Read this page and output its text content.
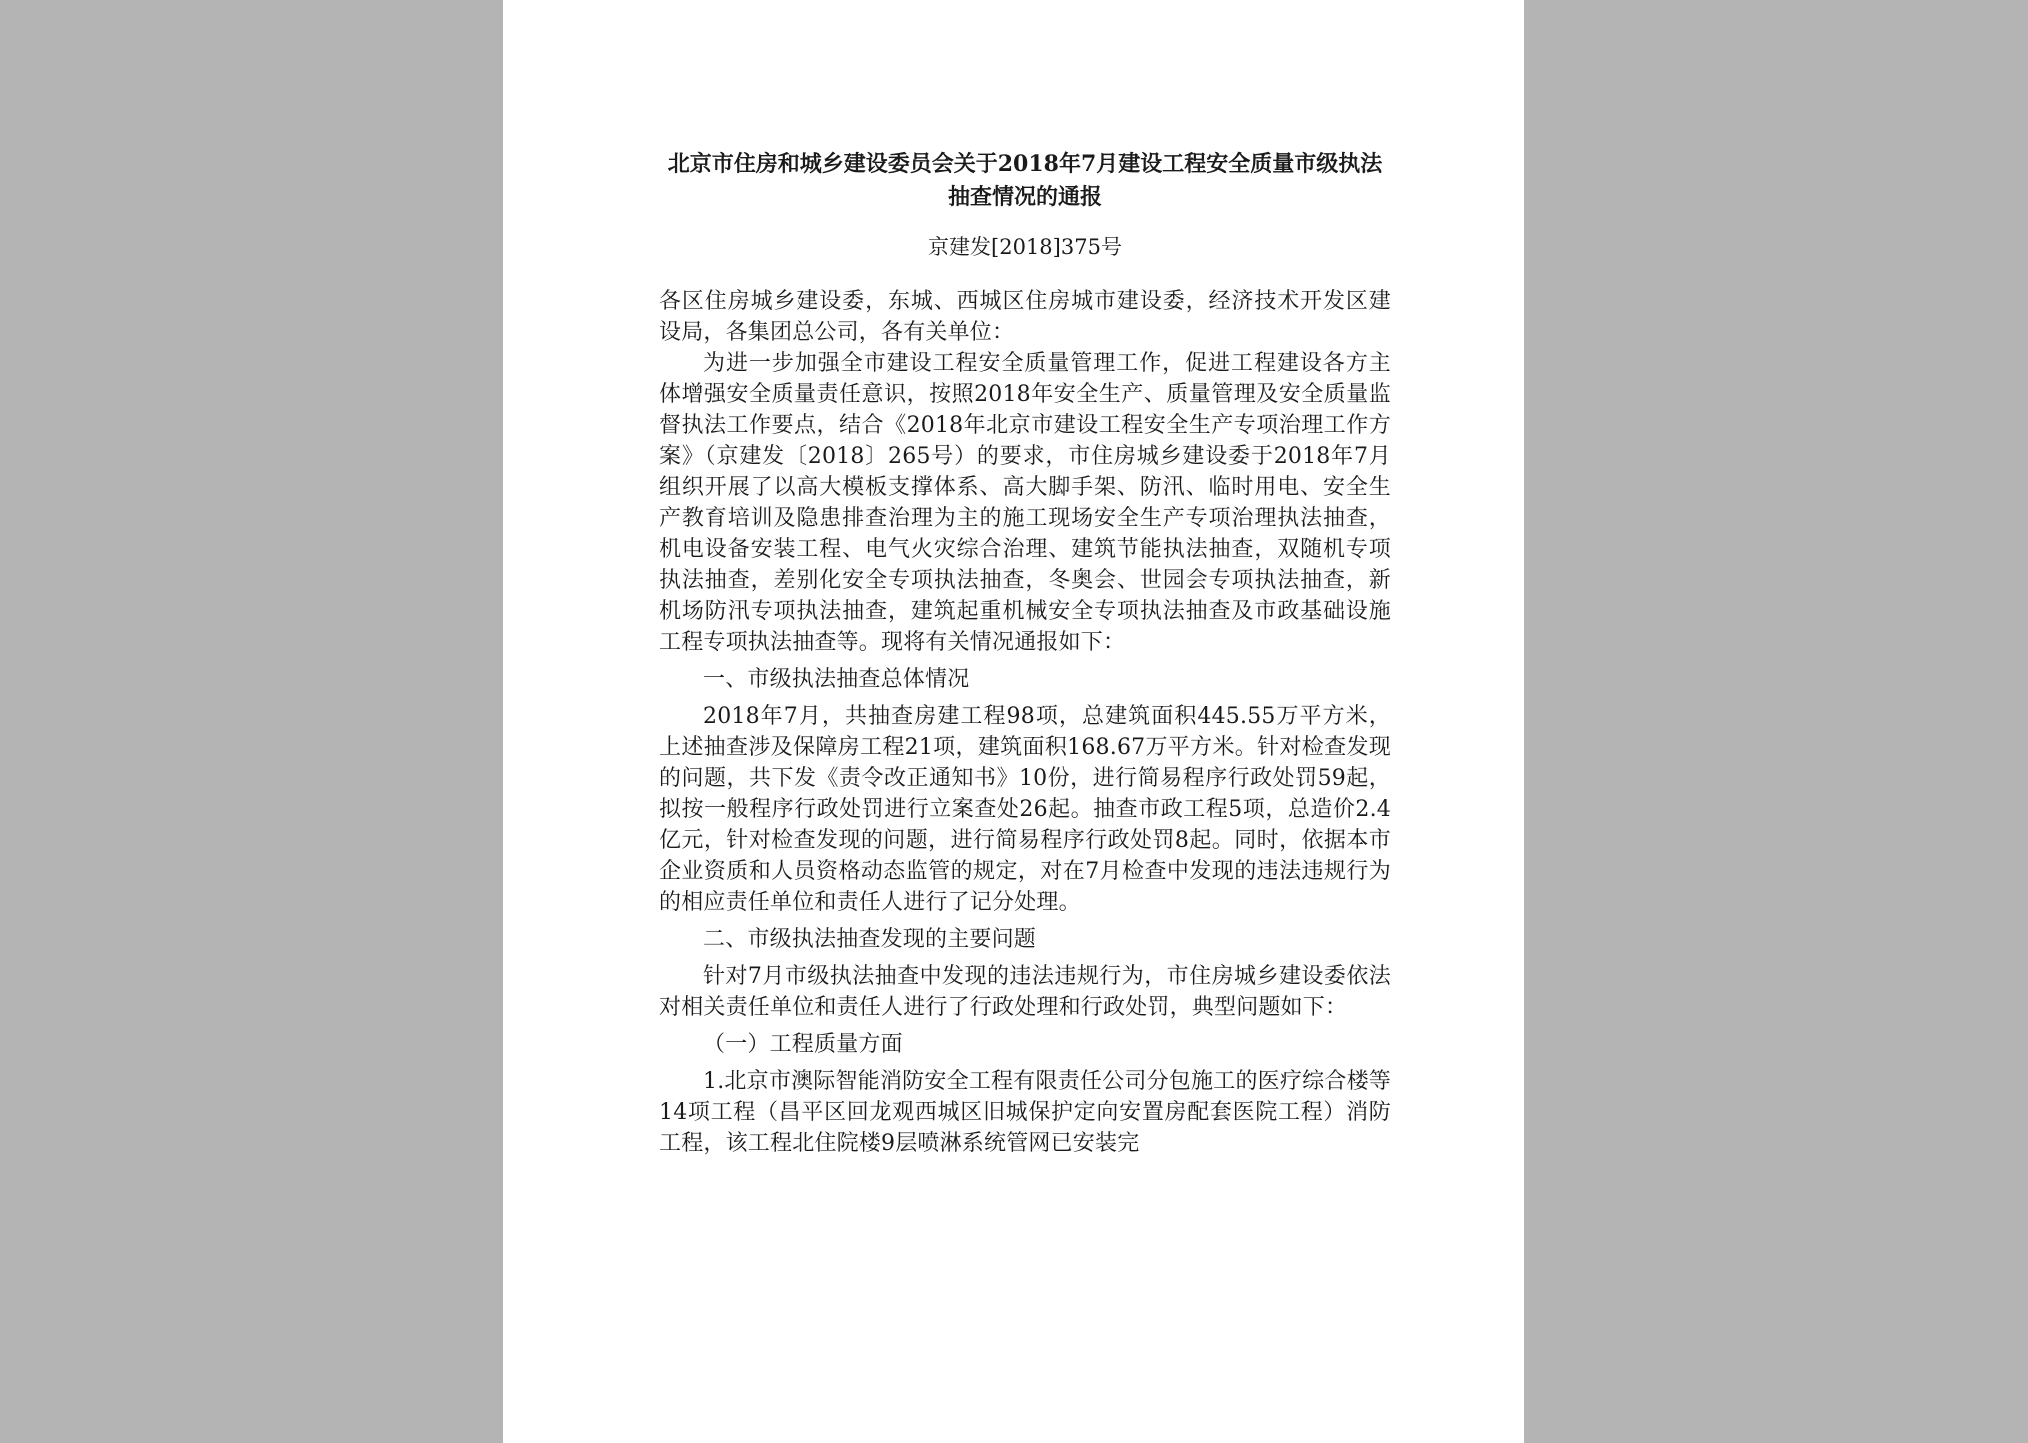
北京市住房和城乡建设委员会关于2018年7月建设工程安全质量市级执法抽查情况的通报
京建发[2018]375号

各区住房城乡建设委，东城、西城区住房城市建设委，经济技术开发区建设局，各集团总公司，各有关单位：

为进一步加强全市建设工程安全质量管理工作，促进工程建设各方主体增强安全质量责任意识，按照2018年安全生产、质量管理及安全质量监督执法工作要点，结合《2018年北京市建设工程安全生产专项治理工作方案》（京建发〔2018〕265号）的要求，市住房城乡建设委于2018年7月组织开展了以高大模板支撑体系、高大脚手架、防汛、临时用电、安全生产教育培训及隐患排查治理为主的施工现场安全生产专项治理执法抽查，机电设备安装工程、电气火灾综合治理、建筑节能执法抽查，双随机专项执法抽查，差别化安全专项执法抽查，冬奥会、世园会专项执法抽查，新机场防汛专项执法抽查，建筑起重机械安全专项执法抽查及市政基础设施工程专项执法抽查等。现将有关情况通报如下：

一、市级执法抽查总体情况

2018年7月，共抽查房建工程98项，总建筑面积445.55万平方米，上述抽查涉及保障房工程21项，建筑面积168.67万平方米。针对检查发现的问题，共下发《责令改正通知书》10份，进行简易程序行政处罚59起，拟按一般程序行政处罚进行立案查处26起。抽查市政工程5项，总造价2.4亿元，针对检查发现的问题，进行简易程序行政处罚8起。同时，依据本市企业资质和人员资格动态监管的规定，对在7月检查中发现的违法违规行为的相应责任单位和责任人进行了记分处理。

二、市级执法抽查发现的主要问题

针对7月市级执法抽查中发现的违法违规行为，市住房城乡建设委依法对相关责任单位和责任人进行了行政处理和行政处罚，典型问题如下：

（一）工程质量方面

1.北京市澳际智能消防安全工程有限责任公司分包施工的医疗综合楼等14项工程（昌平区回龙观西城区旧城保护定向安置房配套医院工程）消防工程，该工程北住院楼9层喷淋系统管网已安装完
